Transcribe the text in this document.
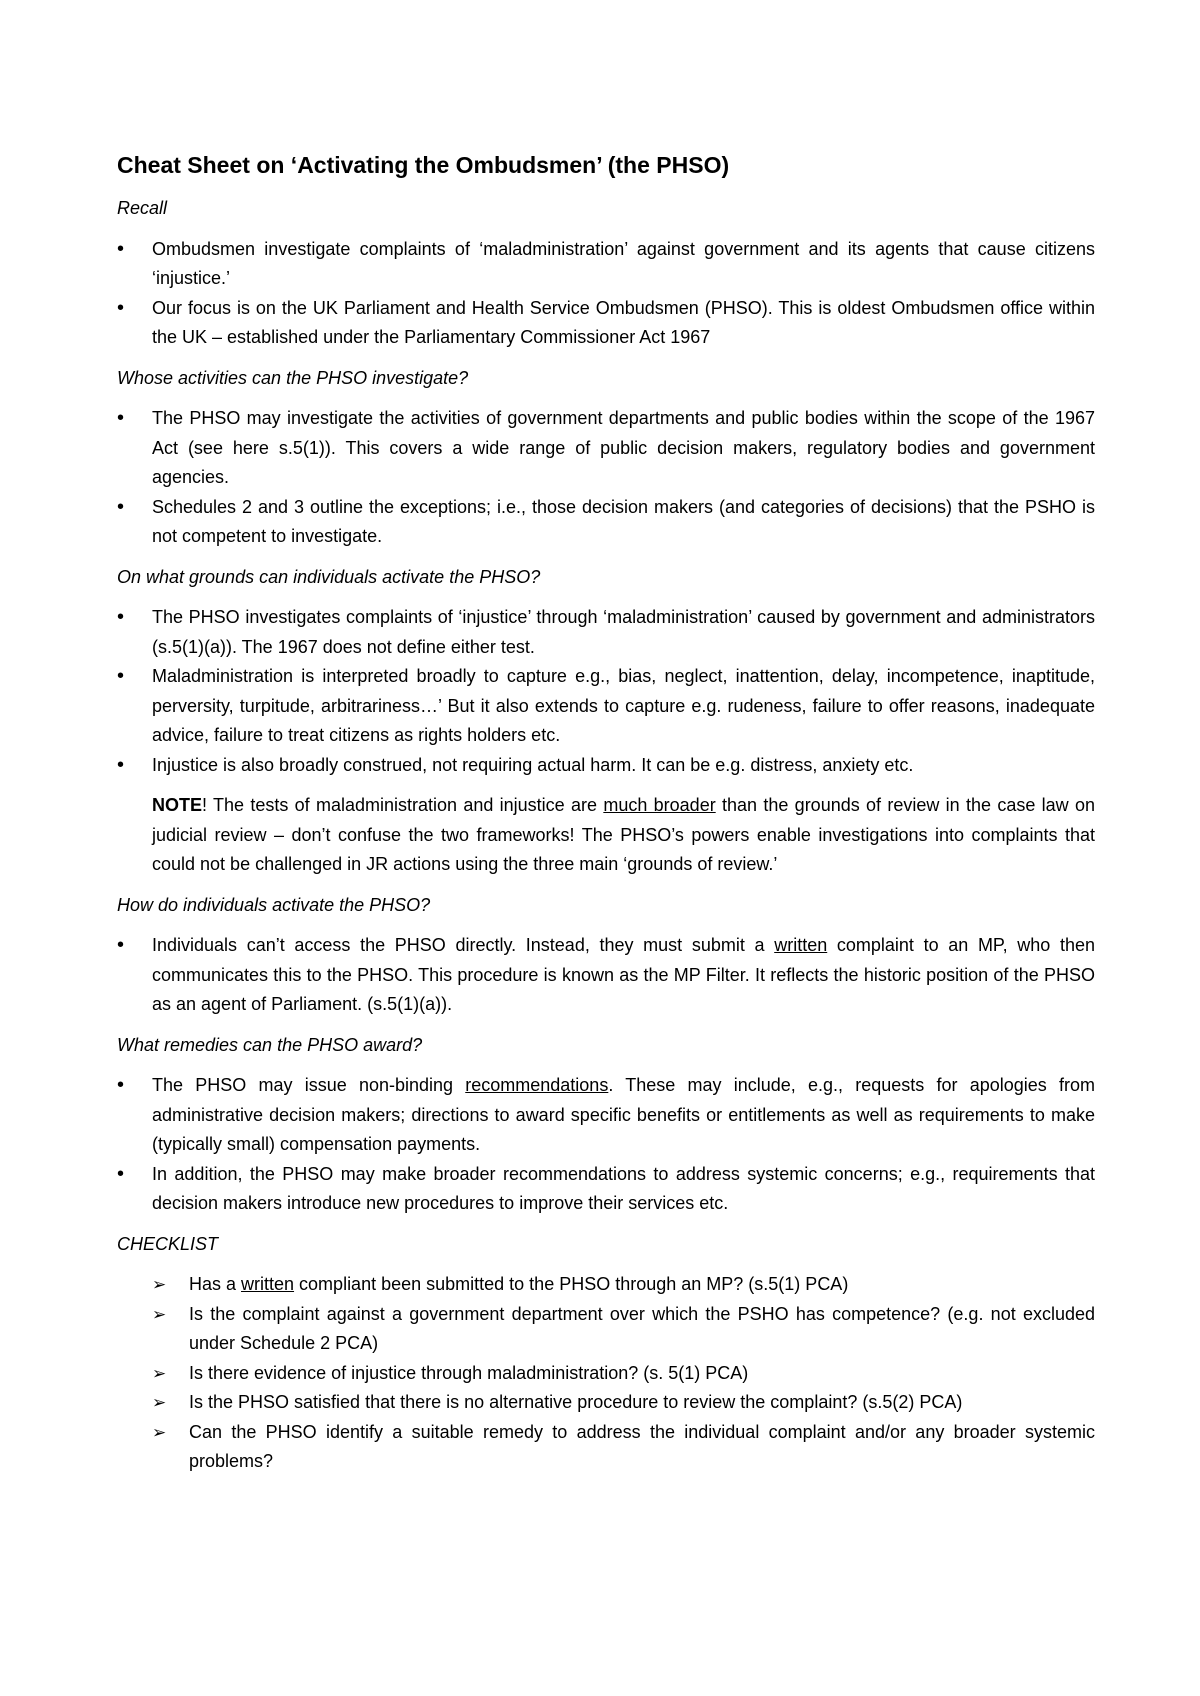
Cheat Sheet on ‘Activating the Ombudsmen’ (the PHSO)
Recall
• Ombudsmen investigate complaints of ‘maladministration’ against government and its agents that cause citizens ‘injustice.’
• Our focus is on the UK Parliament and Health Service Ombudsmen (PHSO). This is oldest Ombudsmen office within the UK – established under the Parliamentary Commissioner Act 1967
Whose activities can the PHSO investigate?
• The PHSO may investigate the activities of government departments and public bodies within the scope of the 1967 Act (see here s.5(1)). This covers a wide range of public decision makers, regulatory bodies and government agencies.
• Schedules 2 and 3 outline the exceptions; i.e., those decision makers (and categories of decisions) that the PSHO is not competent to investigate.
On what grounds can individuals activate the PHSO?
• The PHSO investigates complaints of ‘injustice’ through ‘maladministration’ caused by government and administrators (s.5(1)(a)). The 1967 does not define either test.
• Maladministration is interpreted broadly to capture e.g., bias, neglect, inattention, delay, incompetence, inaptitude, perversity, turpitude, arbitrariness…’ But it also extends to capture e.g. rudeness, failure to offer reasons, inadequate advice, failure to treat citizens as rights holders etc.
• Injustice is also broadly construed, not requiring actual harm. It can be e.g. distress, anxiety etc.

NOTE! The tests of maladministration and injustice are much broader than the grounds of review in the case law on judicial review – don’t confuse the two frameworks! The PHSO’s powers enable investigations into complaints that could not be challenged in JR actions using the three main ‘grounds of review.’

How do individuals activate the PHSO?
• Individuals can’t access the PHSO directly. Instead, they must submit a written complaint to an MP, who then communicates this to the PHSO. This procedure is known as the MP Filter. It reflects the historic position of the PHSO as an agent of Parliament. (s.5(1)(a)).
What remedies can the PHSO award?
• The PHSO may issue non-binding recommendations. These may include, e.g., requests for apologies from administrative decision makers; directions to award specific benefits or entitlements as well as requirements to make (typically small) compensation payments.
• In addition, the PHSO may make broader recommendations to address systemic concerns; e.g., requirements that decision makers introduce new procedures to improve their services etc.
CHECKLIST
➢ Has a written compliant been submitted to the PHSO through an MP? (s.5(1) PCA)
➢ Is the complaint against a government department over which the PSHO has competence? (e.g. not excluded under Schedule 2 PCA)
➢ Is there evidence of injustice through maladministration? (s. 5(1) PCA)
➢ Is the PHSO satisfied that there is no alternative procedure to review the complaint? (s.5(2) PCA)
➢ Can the PHSO identify a suitable remedy to address the individual complaint and/or any broader systemic problems?
